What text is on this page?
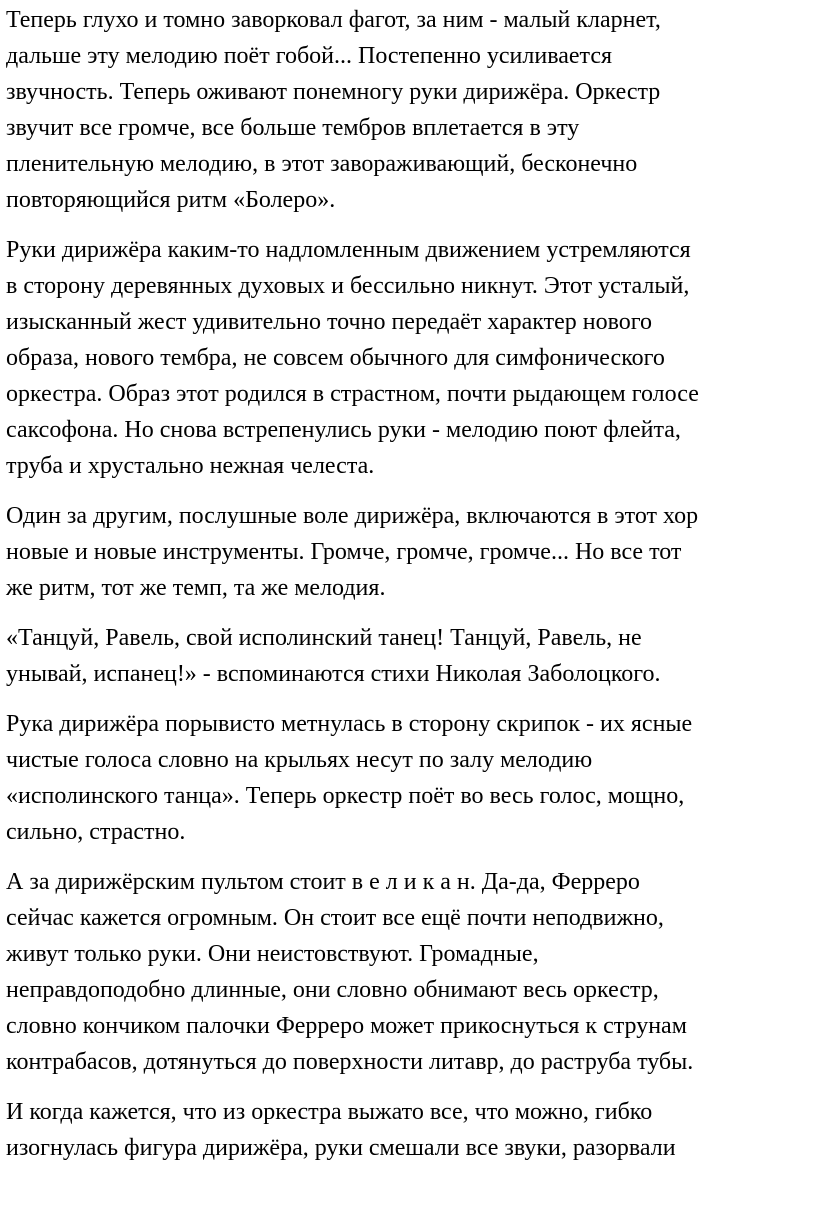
Теперь глухо и томно заворковал фагот, за ним - малый кларнет,
дальше эту мелодию поёт гобой... Постепенно усиливается
звучность. Теперь оживают понемногу руки дирижёра. Оркестр
звучит все громче, все больше тембров вплетается в эту
пленительную мелодию, в этот завораживающий, бесконечно
повторяющийся ритм «Болеро».

Руки дирижёра каким-то надломленным движением устремляются
в сторону деревянных духовых и бессильно никнут. Этот усталый,
изысканный жест удивительно точно передаёт характер нового
образа, нового тембра, не совсем обычного для симфонического
оркестра. Образ этот родился в страстном, почти рыдающем голосе
саксофона. Но снова встрепенулись руки - мелодию поют флейта,
труба и хрустально нежная челеста.

Один за другим, послушные воле дирижёра, включаются в этот хор
новые и новые инструменты. Громче, громче, громче... Но все тот
же ритм, тот же темп, та же мелодия.

«Танцуй, Равель, свой исполинский танец! Танцуй, Равель, не
унывай, испанец!» - вспоминаются стихи Николая Заболоцкого.

Рука дирижёра порывисто метнулась в сторону скрипок - их ясные
чистые голоса словно на крыльях несут по залу мелодию
«исполинского танца». Теперь оркестр поёт во весь голос, мощно,
сильно, страстно.

А за дирижёрским пультом стоит в е л и к а н. Да-да, Ферреро
сейчас кажется огромным. Он стоит все ещё почти неподвижно,
живут только руки. Они неистовствуют. Громадные,
неправдоподобно длинные, они словно обнимают весь оркестр,
словно кончиком палочки Ферреро может прикоснуться к струнам
контрабасов, дотянуться до поверхности литавр, до раструба тубы.

И когда кажется, что из оркестра выжато все, что можно, гибко
изогнулась фигура дирижёра, руки смешали все звуки, разорвали
